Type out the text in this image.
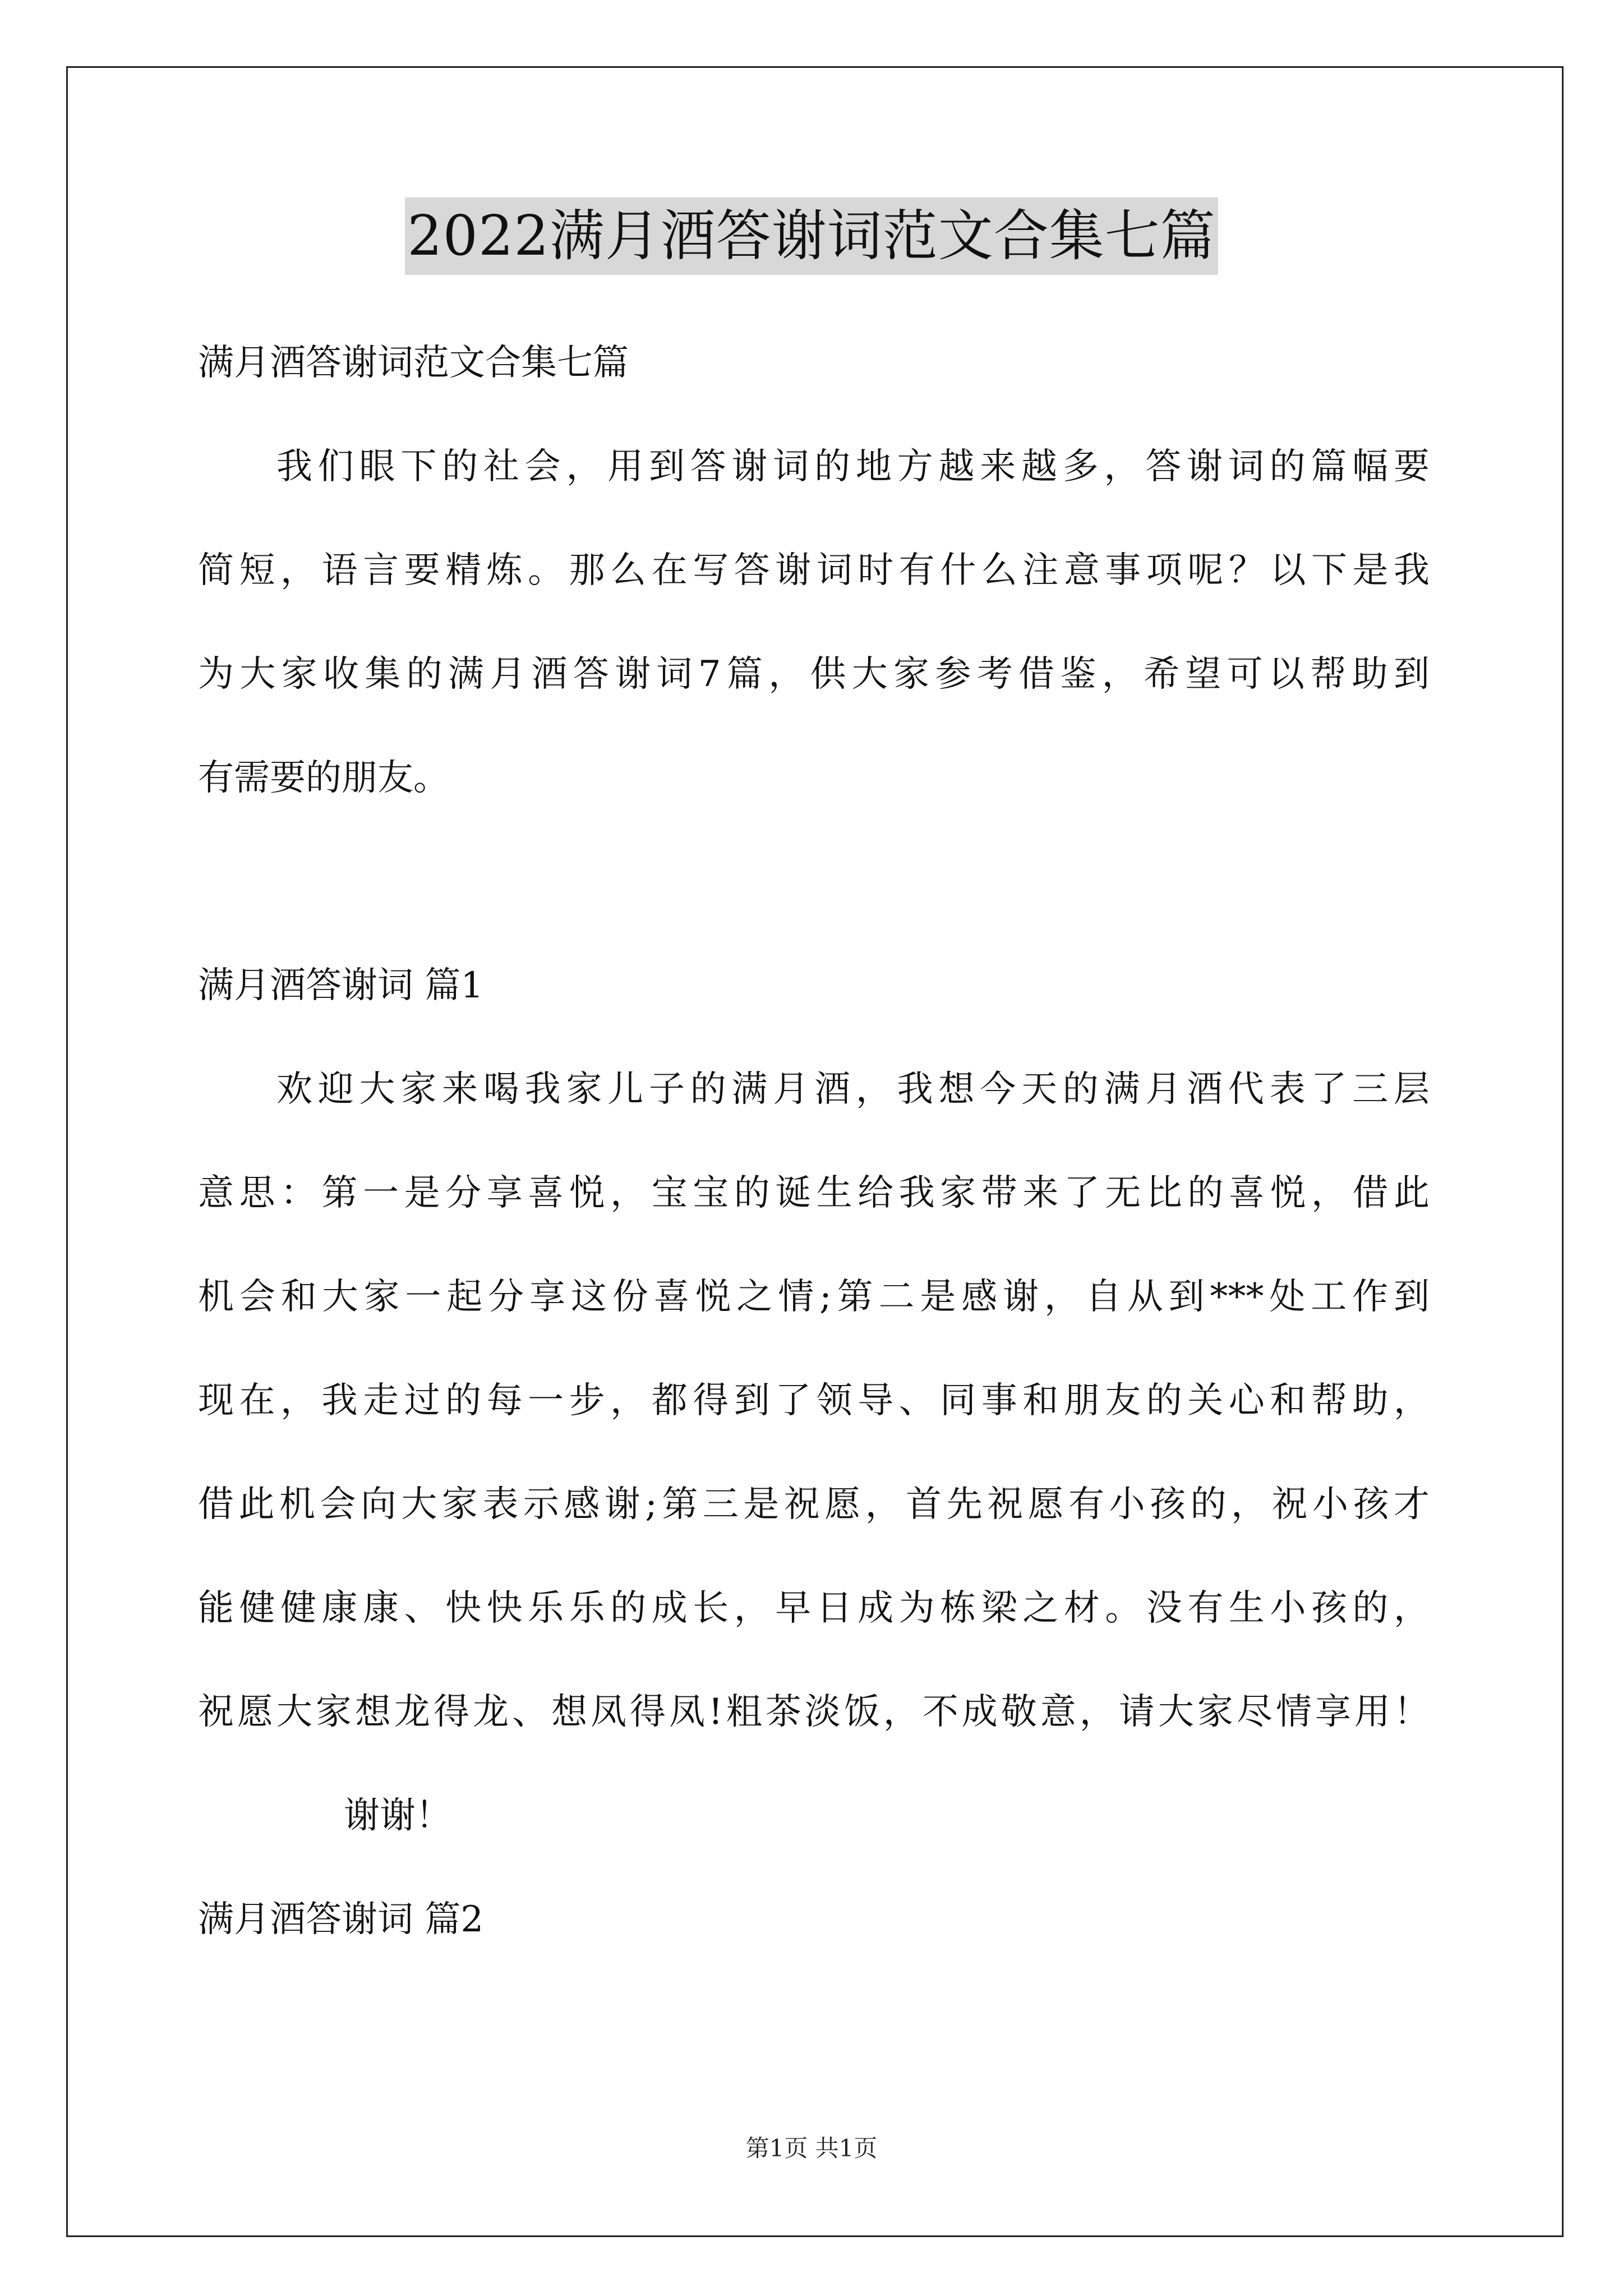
2022满月酒答谢词范文合集七篇
满月酒答谢词范文合集七篇
我们眼下的社会，用到答谢词的地方越来越多，答谢词的篇幅要
简短，语言要精炼。那么在写答谢词时有什么注意事项呢？以下是我
为大家收集的满月酒答谢词7篇，供大家参考借鉴，希望可以帮助到
有需要的朋友。
满月酒答谢词 篇1
欢迎大家来喝我家儿子的满月酒，我想今天的满月酒代表了三层
意思：第一是分享喜悦，宝宝的诞生给我家带来了无比的喜悦，借此
机会和大家一起分享这份喜悦之情;第二是感谢，自从到***处工作到
现在，我走过的每一步，都得到了领导、同事和朋友的关心和帮助，
借此机会向大家表示感谢;第三是祝愿，首先祝愿有小孩的，祝小孩才
能健健康康、快快乐乐的成长，早日成为栋梁之材。没有生小孩的，
祝愿大家想龙得龙、想凤得凤!粗茶淡饭，不成敬意，请大家尽情享用！
谢谢！
满月酒答谢词 篇2
第1页 共1页
